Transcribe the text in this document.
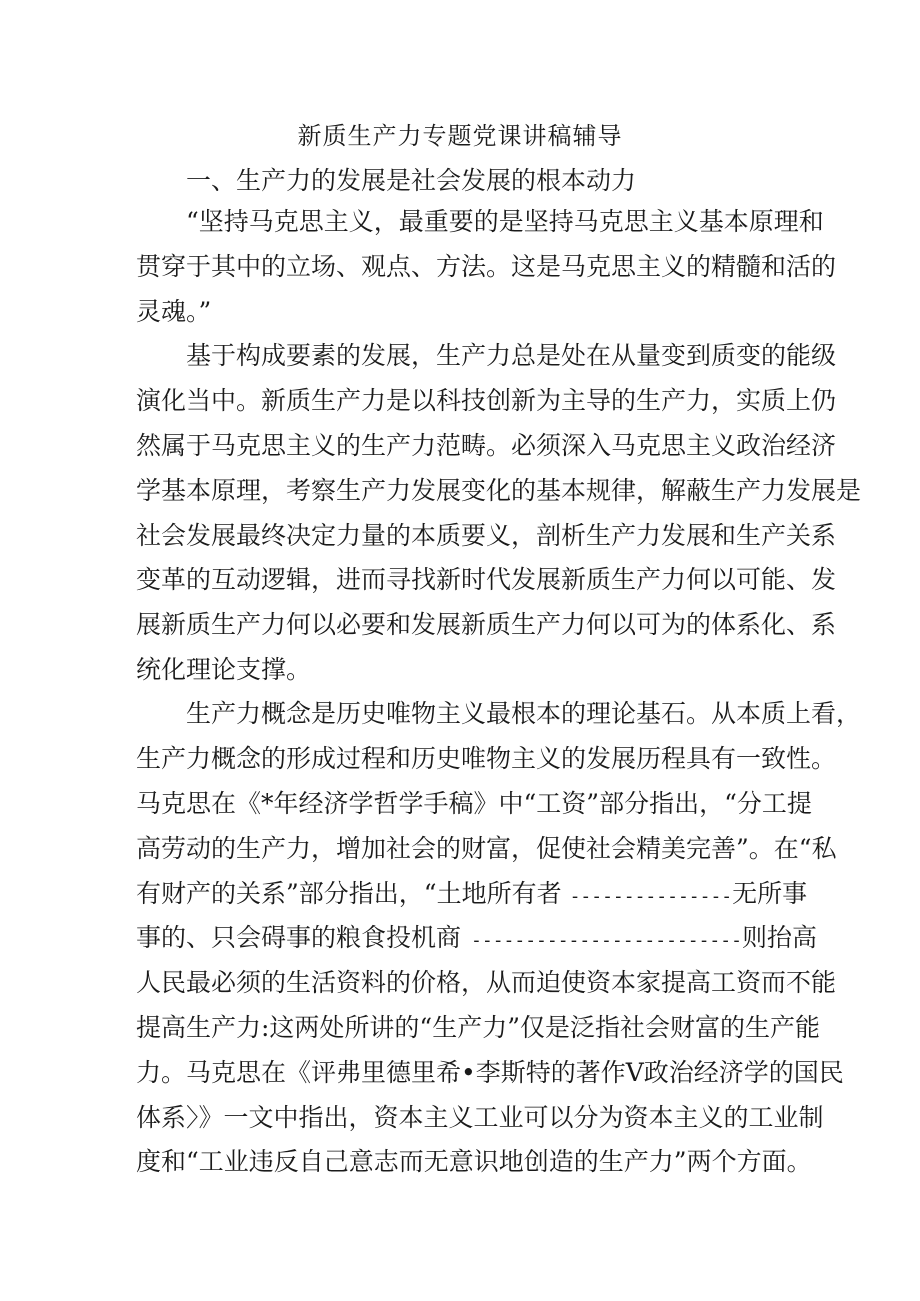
新质生产力专题党课讲稿辅导
一、生产力的发展是社会发展的根本动力
“坚持马克思主义，最重要的是坚持马克思主义基本原理和
贯穿于其中的立场、观点、方法。这是马克思主义的精髓和活的
灵魂。”
基于构成要素的发展，生产力总是处在从量变到质变的能级
演化当中。新质生产力是以科技创新为主导的生产力，实质上仍
然属于马克思主义的生产力范畴。必须深入马克思主义政治经济
学基本原理，考察生产力发展变化的基本规律，解蔽生产力发展是
社会发展最终决定力量的本质要义，剖析生产力发展和生产关系
变革的互动逻辑，进而寻找新时代发展新质生产力何以可能、发
展新质生产力何以必要和发展新质生产力何以可为的体系化、系
统化理论支撑。
生产力概念是历史唯物主义最根本的理论基石。从本质上看，
生产力概念的形成过程和历史唯物主义的发展历程具有一致性。
马克思在《*年经济学哲学手稿》中“工资”部分指出，“分工提
高劳动的生产力，增加社会的财富，促使社会精美完善”。在“私
有财产的关系”部分指出，“土地所有者 ---------------无所事
事的、只会碍事的粮食投机商 -------------------------则抬高
人民最必须的生活资料的价格，从而迫使资本家提高工资而不能
提高生产力:这两处所讲的“生产力”仅是泛指社会财富的生产能
力。马克思在《评弗里德里希•李斯特的著作V政治经济学的国民
体系〉》一文中指出，资本主义工业可以分为资本主义的工业制
度和“工业违反自己意志而无意识地创造的生产力”两个方面。
